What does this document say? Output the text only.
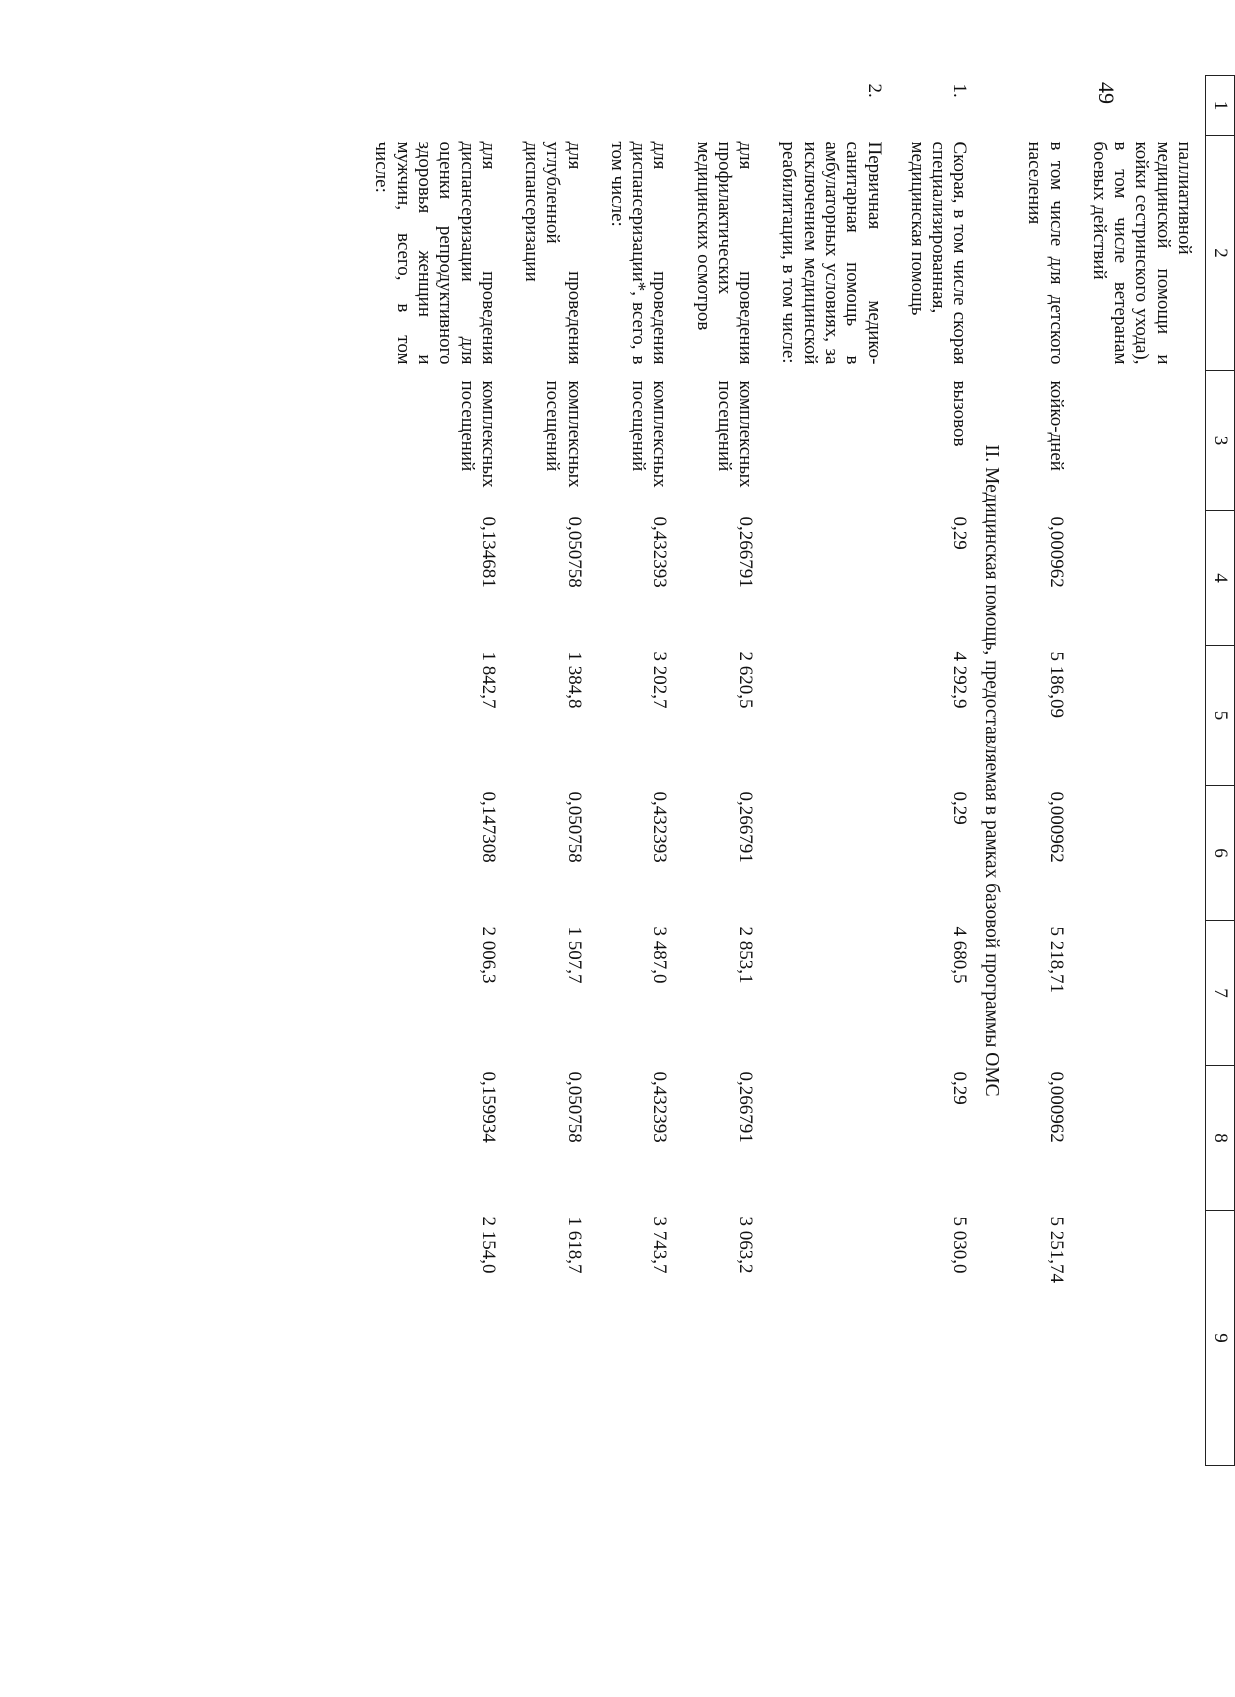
49
1	2	3	4	5	6	7	8	9
	паллиативной медицинской помощи и койки сестринского ухода), в том числе ветеранам боевых действий							
	в том числе для детского населения	койко-дней	0,000962	5 186,09	0,000962	5 218,71	0,000962	5 251,74
II. Медицинская помощь, предоставляемая в рамках базовой программы ОМС								
1.	Скорая, в том числе скорая специализированная, медицинская помощь	вызовов	0,29	4 292,9	0,29	4 680,5	0,29	5 030,0
2.	Первичная медико-санитарная помощь в амбулаторных условиях, за исключением медицинской реабилитации, в том числе:							
	для проведения профилактических медицинских осмотров	комплексных посещений	0,266791	2 620,5	0,266791	2 853,1	0,266791	3 063,2
	для проведения диспансеризации*, всего, в том числе:	комплексных посещений	0,432393	3 202,7	0,432393	3 487,0	0,432393	3 743,7
	для проведения углубленной диспансеризации	комплексных посещений	0,050758	1 384,8	0,050758	1 507,7	0,050758	1 618,7
	для проведения диспансеризации для оценки репродуктивного здоровья женщин и мужчин, всего, в том числе:	комплексных посещений	0,134681	1 842,7	0,147308	2 006,3	0,159934	2 154,0
